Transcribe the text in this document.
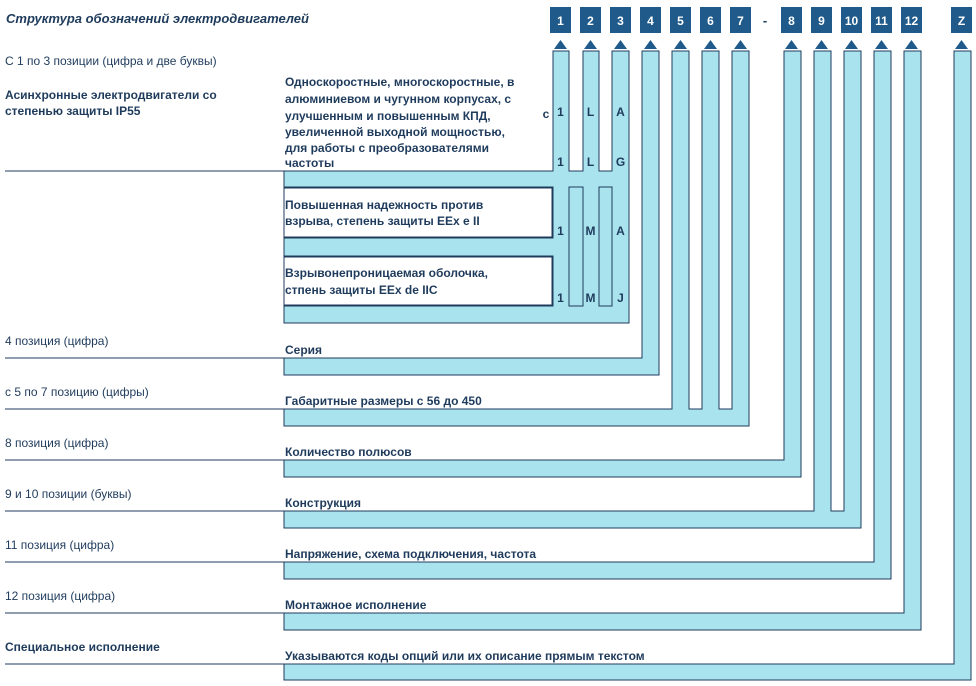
Структура обозначений электродвигателей	1 2 3 4 5 6 7 - 8 9 10 11 12	Z
С 1 по 3 позиции (цифра и две буквы)
Асинхронные электродвигатели со
степенью защиты IP55
4 позиция (цифра)
с 5 по 7 позицию (цифры)
8 позиция (цифра)
9 и 10 позиции (буквы)
11 позиция (цифра)
12 позиция (цифра)
Специальное исполнение
Односкоростные, многоскоростные, в
алюминиевом и чугунном корпусах, с
улучшенным и повышенным КПД,
увеличенной выходной мощностью,
для работы с преобразователями
частоты
с 1 L A
1 L G
Повышенная надежность против
взрыва, степень защиты EEx e II
1 M A
Взрывонепроницаемая оболочка,
стпень защиты EEx de IIC
1 M J
Серия
Габаритные размеры с 56 до 450
Количество полюсов
Конструкция
Напряжение, схема подключения, частота
Монтажное исполнение
Указываются коды опций или их описание прямым текстом
